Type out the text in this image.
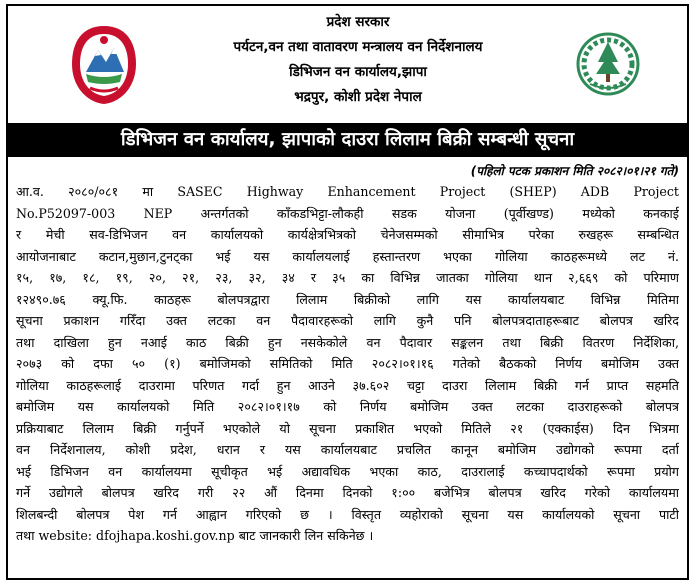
प्रदेश सरकार
पर्यटन,वन तथा वातावरण मन्त्रालय वन निर्देशनालय
डिभिजन वन कार्यालय,झापा
भद्रपुर, कोशी प्रदेश नेपाल
डिभिजन वन कार्यालय, झापाको दाउरा लिलाम बिक्री सम्बन्धी सूचना
(पहिलो पटक प्रकाशन मिति २०८२।०१।२१ गते)
आ.व. २०८०/०८१ मा SASEC Highway Enhancement Project (SHEP) ADB Project
No.P52097-003 NEP अन्तर्गतको काँकडभिट्टा-लौकही सडक योजना (पूर्वीखण्ड) मध्येको कनकाई
र मेची सव-डिभिजन वन कार्यालयको कार्यक्षेत्रभित्रको चेनेजसम्मको सीमाभित्र परेका रुखहरू सम्बन्धित
आयोजनाबाट कटान,मुछान,टुनट्का भई यस कार्यालयलाई हस्तान्तरण भएका गोलिया काठहरूमध्ये लट नं.
१५, १७, १८, १९, २०, २१, २३, ३२, ३४ र ३५ का विभिन्न जातका गोलिया थान २,६६९ को परिमाण
१२४९०.७६ क्यू.फि. काठहरू बोलपत्रद्वारा लिलाम बिक्रीको लागि यस कार्यालयबाट विभिन्न मितिमा
सूचना प्रकाशन गरिँदा उक्त लटका वन पैदावारहरूको लागि कुनै पनि बोलपत्रदाताहरूबाट बोलपत्र खरिद
तथा दाखिला हुन नआई काठ बिक्री हुन नसकेकोले वन पैदावार सङ्कलन तथा बिक्री वितरण निर्देशिका,
२०७३ को दफा ५० (१) बमोजिमको समितिको मिति २०८२।०१।१६ गतेको बैठकको निर्णय बमोजिम उक्त
गोलिया काठहरूलाई दाउरामा परिणत गर्दा हुन आउने ३७.६०२ चट्टा दाउरा लिलाम बिक्री गर्न प्राप्त सहमति
बमोजिम यस कार्यालयको मिति २०८२।०१।१७ को निर्णय बमोजिम उक्त लटका दाउराहरूको बोलपत्र
प्रक्रियाबाट लिलाम बिक्री गर्नुपर्ने भएकोले यो सूचना प्रकाशित भएको मितिले २१ (एक्काईस) दिन भित्रमा
वन निर्देशनालय, कोशी प्रदेश, धरान र यस कार्यालयबाट प्रचलित कानून बमोजिम उद्योगको रूपमा दर्ता
भई डिभिजन वन कार्यालयमा सूचीकृत भई अद्यावधिक भएका काठ, दाउरालाई कच्चापदार्थको रूपमा प्रयोग
गर्ने उद्योगले बोलपत्र खरिद गरी २२ औं दिनमा दिनको १:०० बजेभित्र बोलपत्र खरिद गरेको कार्यालयमा
शिलबन्दी बोलपत्र पेश गर्न आह्वान गरिएको छ । विस्तृत व्यहोराको सूचना यस कार्यालयको सूचना पाटी
तथा website: dfojhapa.koshi.gov.np बाट जानकारी लिन सकिनेछ ।
